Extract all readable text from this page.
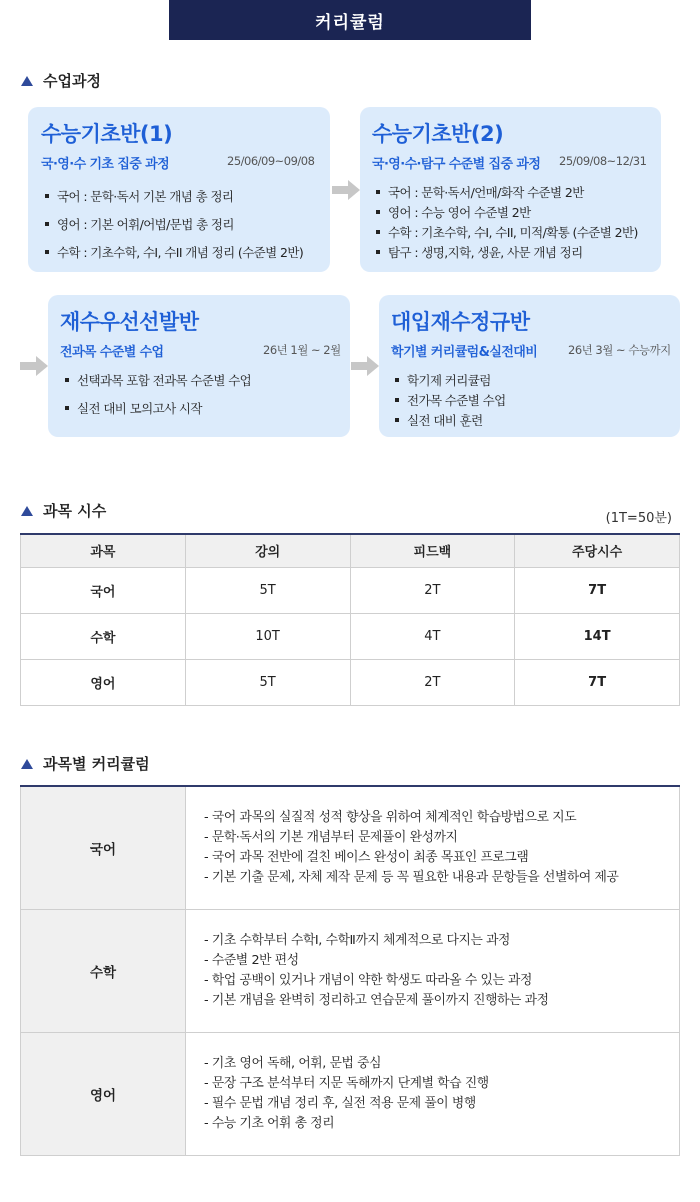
커리큘럼
수업과정
수능기초반(1)
국·영·수 기초 집중 과정	25/06/09~09/08
국어 : 문학·독서 기본 개념 총 정리
영어 : 기본 어휘/어법/문법 총 정리
수학 : 기초수학, 수I, 수II 개념 정리 (수준별 2반)
수능기초반(2)
국·영·수·탐구 수준별 집중 과정 25/09/08~12/31
국어 : 문학·독서/언매/화작 수준별 2반
영어 : 수능 영어 수준별 2반
수학 : 기초수학, 수I, 수II, 미적/확통 (수준별 2반)
탐구 : 생명,지학, 생윤, 사문 개념 정리
재수우선선발반
전과목 수준별 수업	26년 1월 ~ 2월
선택과목 포함 전과목 수준별 수업
실전 대비 모의고사 시작
대입재수정규반
학기별 커리큘럼&실전대비	26년 3월 ~ 수능까지
학기제 커리큘럼
전가목 수준별 수업
실전 대비 훈련
과목 시수	(1T=50분)
과목	강의	피드백	주당시수
국어	5T	2T	7T
수학	10T	4T	14T
영어	5T	2T	7T
과목별 커리큘럼
국어	- 국어 과목의 실질적 성적 향상을 위하여 체계적인 학습방법으로 지도
- 문학·독서의 기본 개념부터 문제풀이 완성까지
- 국어 과목 전반에 걸친 베이스 완성이 최종 목표인 프로그램
- 기본 기출 문제, 자체 제작 문제 등 꼭 필요한 내용과 문항들을 선별하여 제공

수학	- 기초 수학부터 수학Ⅰ, 수학Ⅱ까지 체계적으로 다지는 과정
- 수준별 2반 편성
- 학업 공백이 있거나 개념이 약한 학생도 따라올 수 있는 과정
- 기본 개념을 완벽히 정리하고 연습문제 풀이까지 진행하는 과정

영어	- 기초 영어 독해, 어휘, 문법 중심
- 문장 구조 분석부터 지문 독해까지 단계별 학습 진행
- 필수 문법 개념 정리 후, 실전 적용 문제 풀이 병행
- 수능 기초 어휘 총 정리
